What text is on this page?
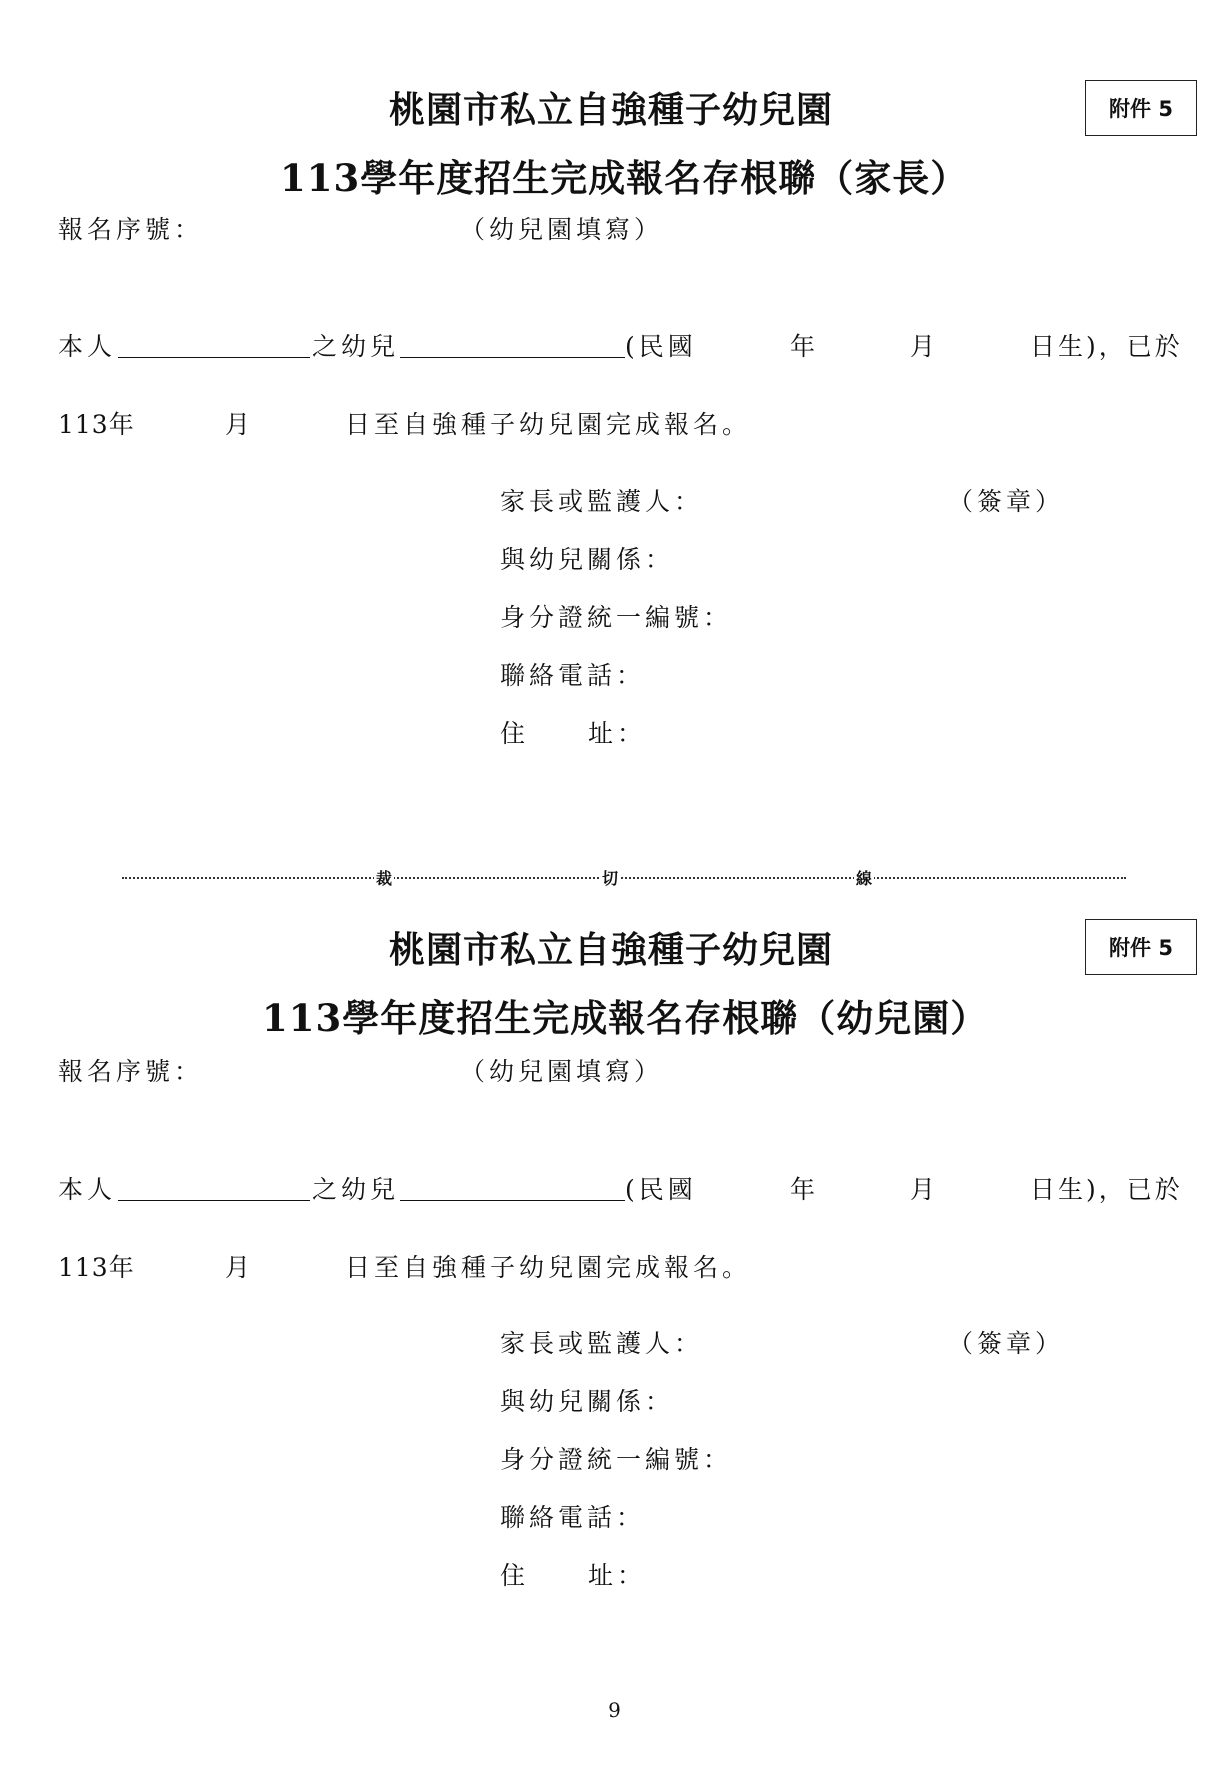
桃園市私立自強種子幼兒園	附件 5
113學年度招生完成報名存根聯（家長）
報名序號：	（幼兒園填寫）
本人	之幼兒	(民國	年	月	日生)，已於
113年	月	日至自強種子幼兒園完成報名。
家長或監護人：	（簽章）
與幼兒關係：
身分證統一編號：
聯絡電話：
住 址：
裁	切	線
桃園市私立自強種子幼兒園	附件 5
113學年度招生完成報名存根聯（幼兒園）
報名序號：	（幼兒園填寫）
本人	之幼兒	(民國	年	月	日生)，已於
113年	月	日至自強種子幼兒園完成報名。
家長或監護人：	（簽章）
與幼兒關係：
身分證統一編號：
聯絡電話：
住 址：
9
